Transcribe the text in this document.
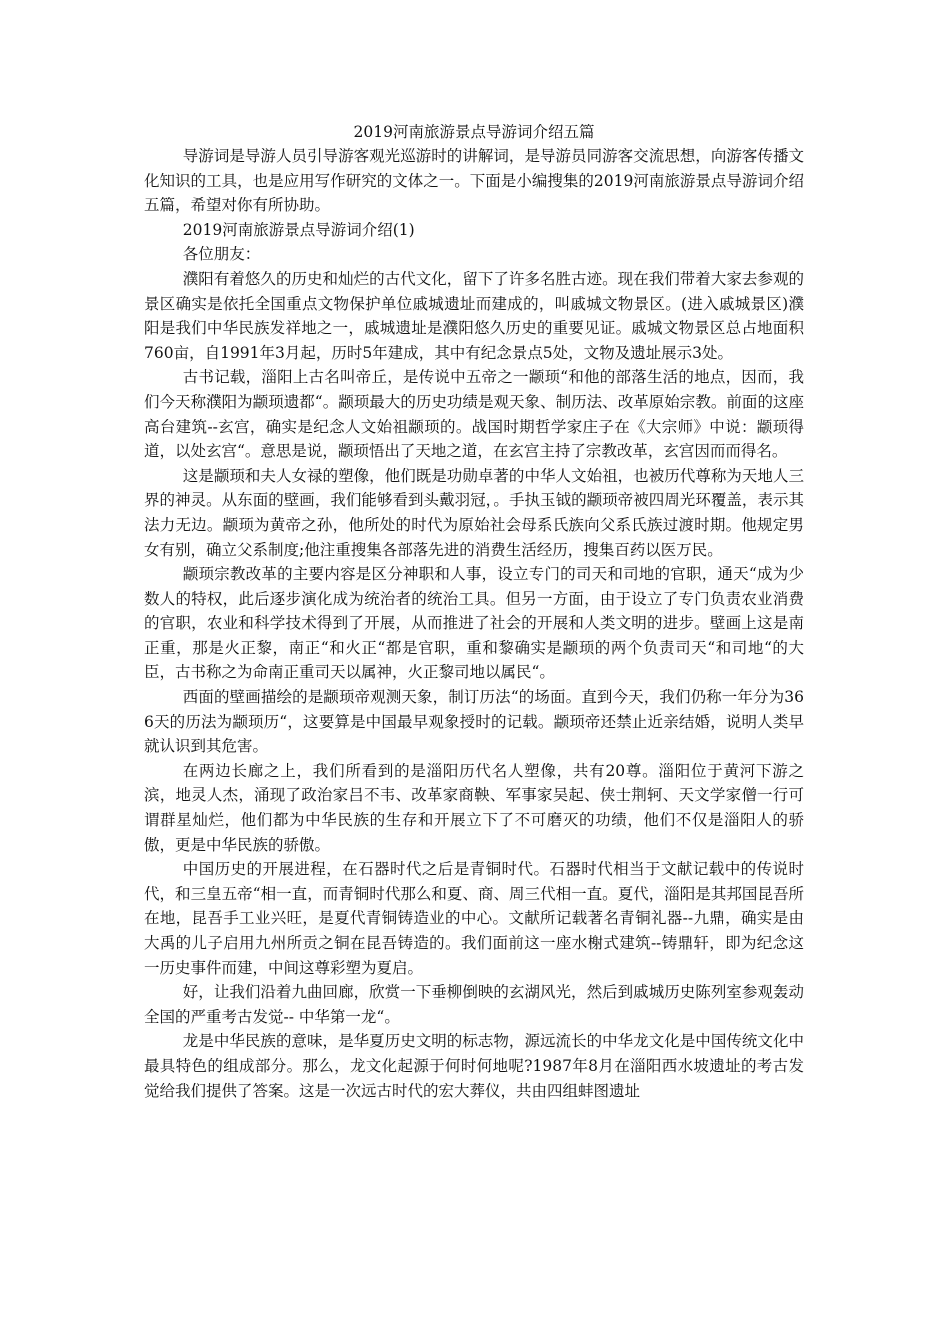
2019河南旅游景点导游词介绍五篇

导游词是导游人员引导游客观光巡游时的讲解词，是导游员同游客交流思想，向游客传播文化知识的工具，也是应用写作研究的文体之一。下面是小编搜集的2019河南旅游景点导游词介绍五篇，希望对你有所协助。

2019河南旅游景点导游词介绍(1)

各位朋友：

濮阳有着悠久的历史和灿烂的古代文化，留下了许多名胜古迹。现在我们带着大家去参观的景区确实是依托全国重点文物保护单位戚城遗址而建成的，叫戚城文物景区。(进入戚城景区)濮阳是我们中华民族发祥地之一，戚城遗址是濮阳悠久历史的重要见证。戚城文物景区总占地面积760亩，自1991年3月起，历时5年建成，其中有纪念景点5处，文物及遗址展示3处。

古书记载，淄阳上古名叫帝丘，是传说中五帝之一颛顼“和他的部落生活的地点，因而，我们今天称濮阳为颛顼遗都“。颛顼最大的历史功绩是观天象、制历法、改革原始宗教。前面的这座高台建筑--玄宫，确实是纪念人文始祖颛顼的。战国时期哲学家庄子在《大宗师》中说：颛顼得道，以处玄宫“。意思是说，颛顼悟出了天地之道，在玄宫主持了宗教改革，玄宫因而而得名。

这是颛顼和夫人女禄的塑像，他们既是功勋卓著的中华人文始祖，也被历代尊称为天地人三界的神灵。从东面的壁画，我们能够看到头戴羽冠，。手执玉钺的颛顼帝被四周光环覆盖，表示其法力无边。颛顼为黄帝之孙，他所处的时代为原始社会母系氏族向父系氏族过渡时期。他规定男女有别，确立父系制度;他注重搜集各部落先进的消费生活经历，搜集百药以医万民。

颛顼宗教改革的主要内容是区分神职和人事，设立专门的司天和司地的官职，通天“成为少数人的特权，此后逐步演化成为统治者的统治工具。但另一方面，由于设立了专门负责农业消费的官职，农业和科学技术得到了开展，从而推进了社会的开展和人类文明的进步。壁画上这是南正重，那是火正黎，南正“和火正“都是官职，重和黎确实是颛顼的两个负责司天“和司地“的大臣，古书称之为命南正重司天以属神，火正黎司地以属民“。

西面的壁画描绘的是颛顼帝观测天象，制订历法“的场面。直到今天，我们仍称一年分为366天的历法为颛顼历“，这要算是中国最早观象授时的记载。颛顼帝还禁止近亲结婚，说明人类早就认识到其危害。

在两边长廊之上，我们所看到的是淄阳历代名人塑像，共有20尊。淄阳位于黄河下游之滨，地灵人杰，涌现了政治家吕不韦、改革家商鞅、军事家吴起、侠士荆轲、天文学家僧一行可谓群星灿烂，他们都为中华民族的生存和开展立下了不可磨灭的功绩，他们不仅是淄阳人的骄傲，更是中华民族的骄傲。

中国历史的开展进程，在石器时代之后是青铜时代。石器时代相当于文献记载中的传说时代，和三皇五帝“相一直，而青铜时代那么和夏、商、周三代相一直。夏代，淄阳是其邦国昆吾所在地，昆吾手工业兴旺，是夏代青铜铸造业的中心。文献所记载著名青铜礼器--九鼎，确实是由大禹的儿子启用九州所贡之铜在昆吾铸造的。我们面前这一座水榭式建筑--铸鼎轩，即为纪念这一历史事件而建，中间这尊彩塑为夏启。

好，让我们沿着九曲回廊，欣赏一下垂柳倒映的玄湖风光，然后到戚城历史陈列室参观轰动全国的严重考古发觉-- 中华第一龙“。

龙是中华民族的意味，是华夏历史文明的标志物，源远流长的中华龙文化是中国传统文化中最具特色的组成部分。那么，龙文化起源于何时何地呢?1987年8月在淄阳西水坡遗址的考古发觉给我们提供了答案。这是一次远古时代的宏大葬仪，共由四组蚌图遗址
